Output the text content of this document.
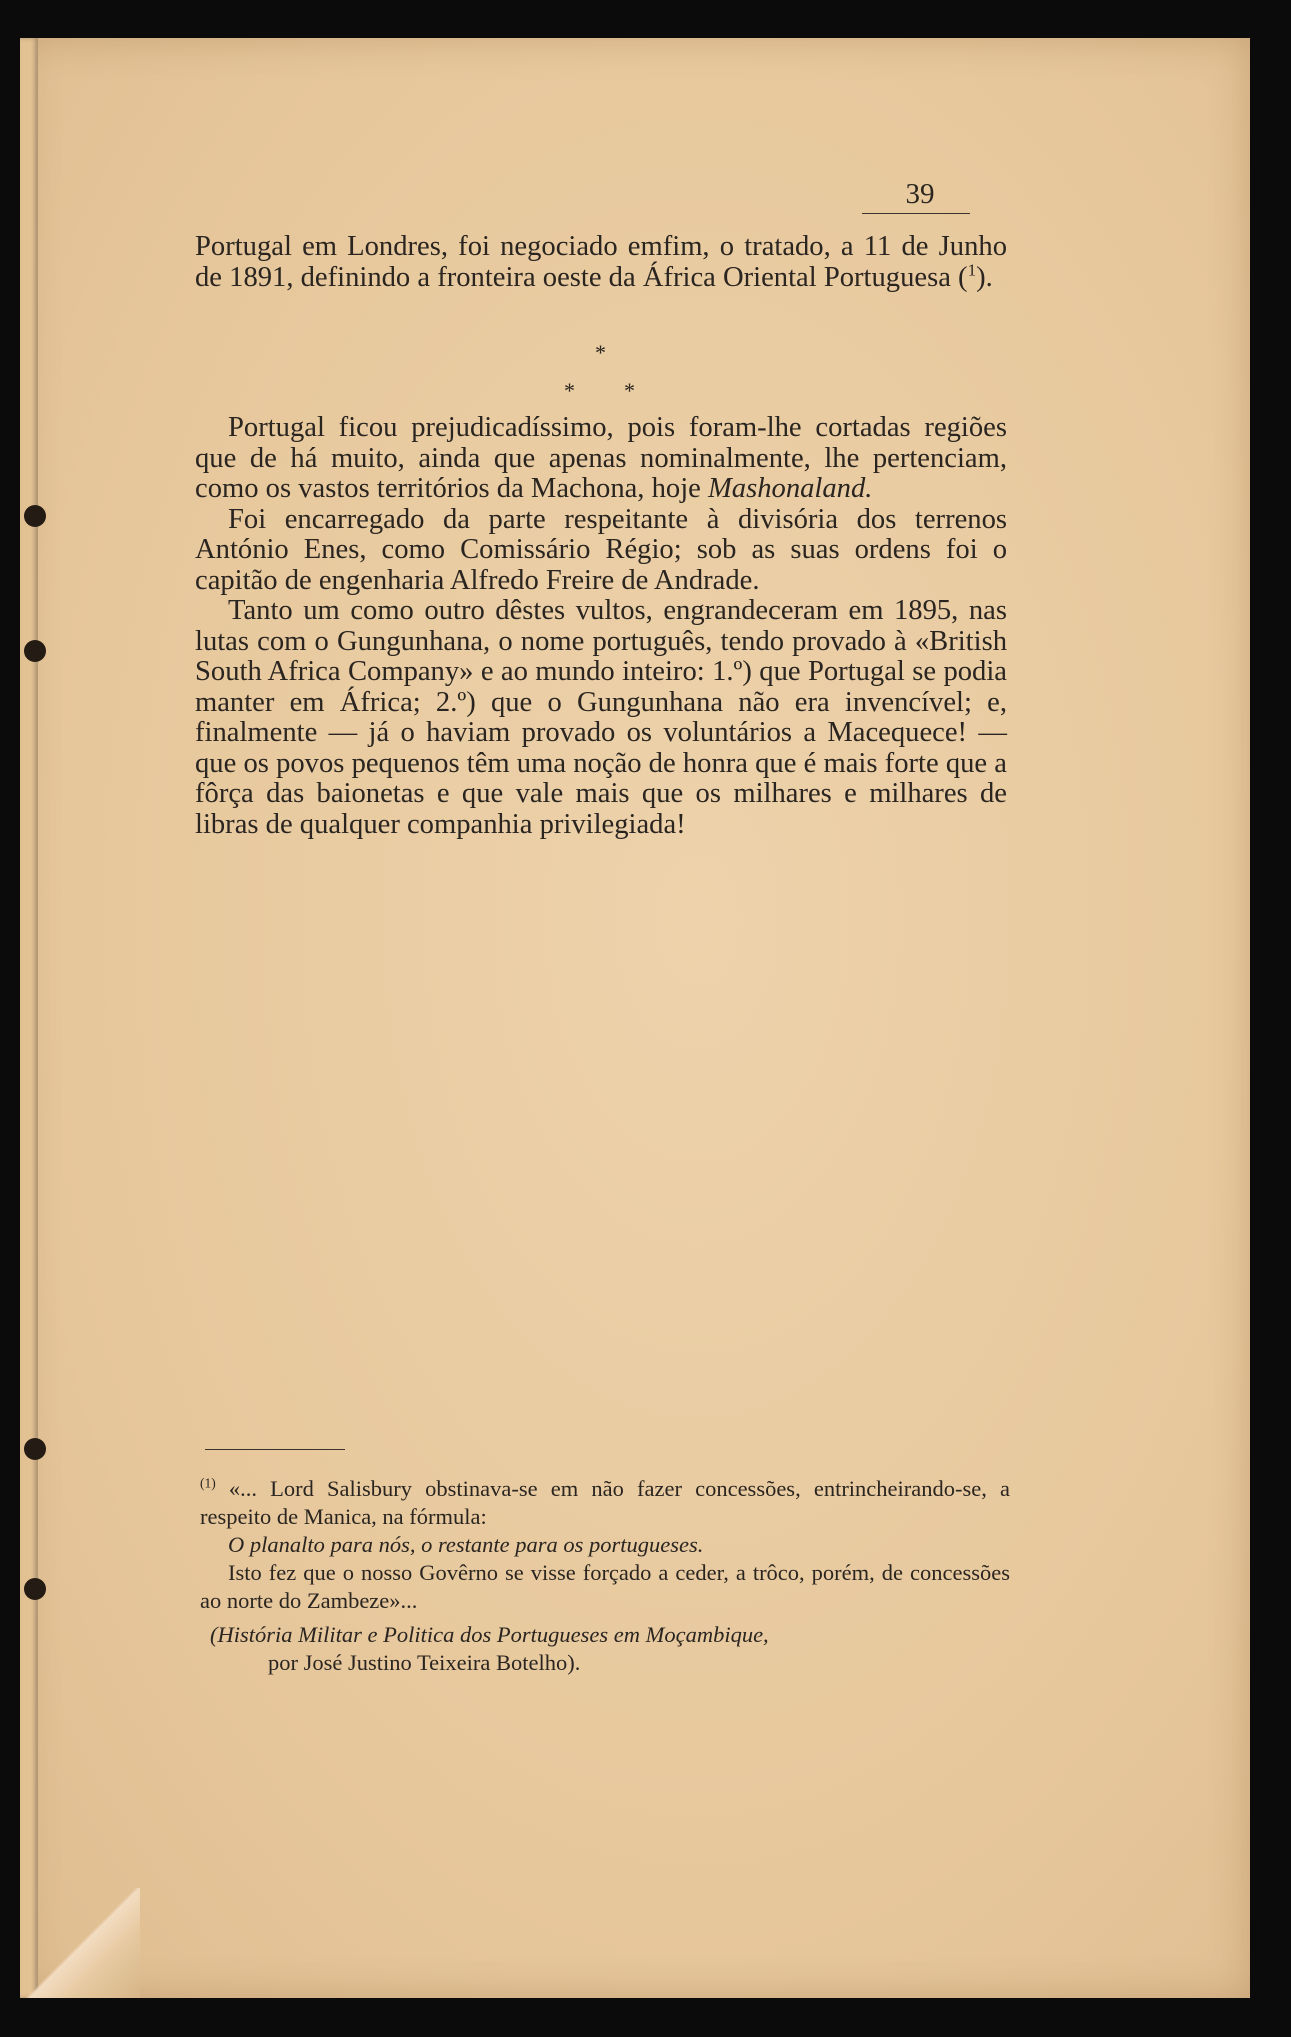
39

Portugal em Londres, foi negociado emfim, o tratado, a 11 de Junho de 1891, definindo a fronteira oeste da África Oriental Portuguesa ($^1$).

Portugal ficou prejudicadíssimo, pois foram-lhe cortadas regiões que de há muito, ainda que apenas nominalmente, lhe pertenciam, como os vastos territórios da Machona, hoje Mashonaland.

Foi encarregado da parte respeitante à divisória dos terrenos António Enes, como Comissário Régio; sob as suas ordens foi o capitão de engenharia Alfredo Freire de Andrade.

Tanto um como outro dêstes vultos, engrandeceram em 1895, nas lutas com o Gungunhana, o nome português, tendo provado à «British South Africa Company» e ao mundo inteiro: 1.º) que Portugal se podia manter em África; 2.º) que o Gungunhana não era invencível; e, finalmente — já o haviam provado os voluntários a Macequece! — que os povos pequenos têm uma noção de honra que é mais forte que a fôrça das baionetas e que vale mais que os milhares e milhares de libras de qualquer companhia privilegiada!

*
* *

$^{(1)}$ «... Lord Salisbury obstinava-se em não fazer concessões, entrincheirando-se, a respeito de Manica, na fórmula:

O planalto para nós, o restante para os portugueses.

Isto fez que o nosso Govêrno se visse forçado a ceder, a trôco, porém, de concessões ao norte do Zambeze»...

(História Militar e Politica dos Portugueses em Moçambique,
por José Justino Teixeira Botelho).
